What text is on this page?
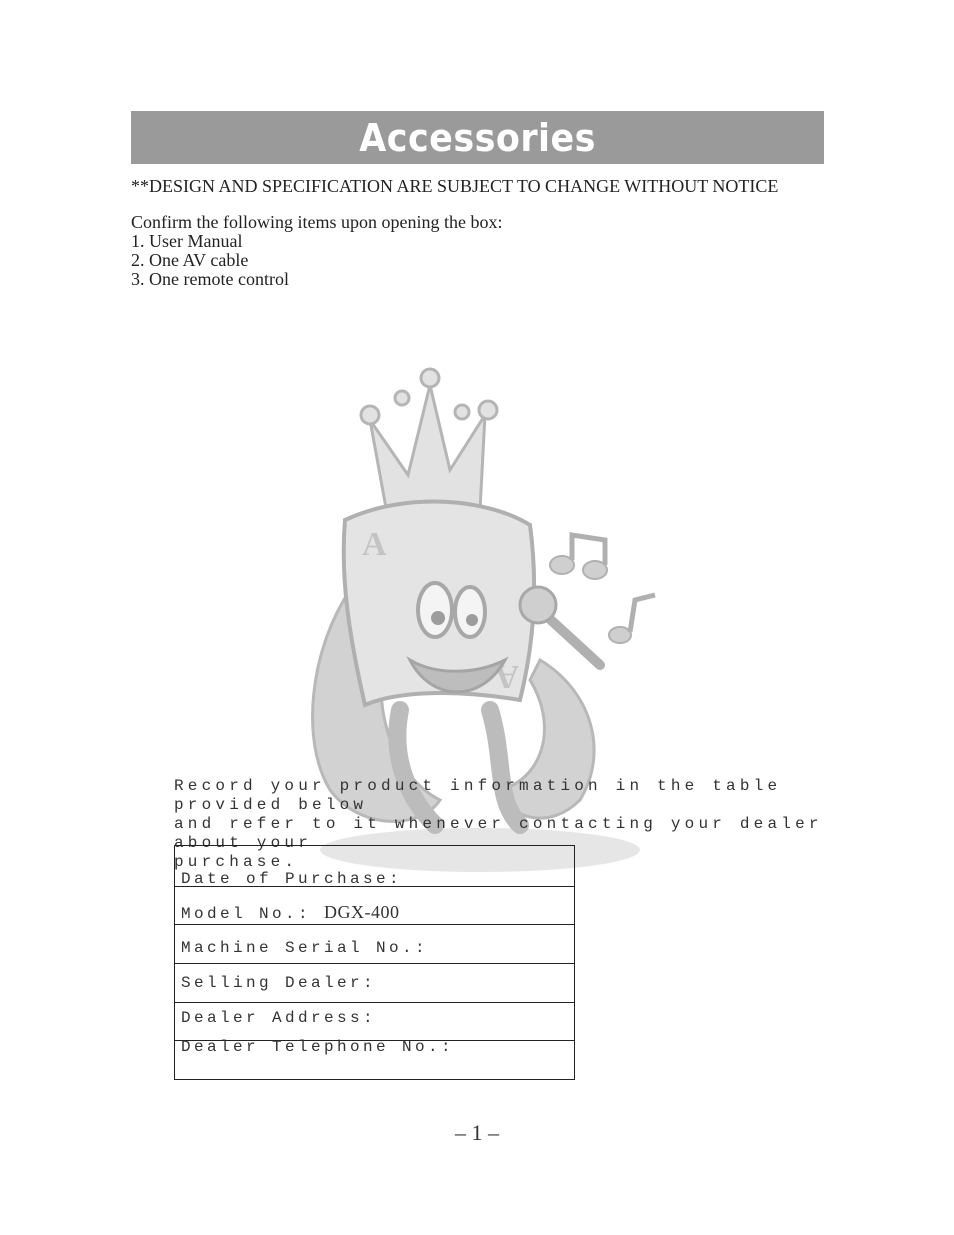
Accessories
**DESIGN AND SPECIFICATION ARE SUBJECT TO CHANGE WITHOUT NOTICE
Confirm the following items upon opening the box:
1. User Manual
2. One AV cable
3. One remote control
A
A
Record your product information in the table provided below
and refer to it whenever contacting your dealer about your
purchase.
Date of Purchase:
Model No.: DGX-400
Machine Serial No.:
Selling Dealer:
Dealer Address:
Dealer Telephone No.:
– 1 –
